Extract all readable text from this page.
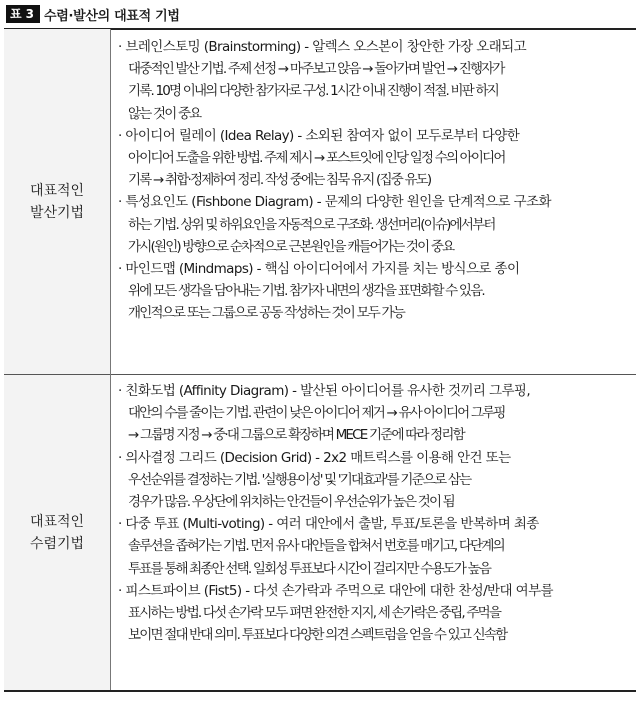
표 3 수렴·발산의 대표적 기법
대표적인
발산기법
· 브레인스토밍 (Brainstorming) - 알렉스 오스본이 창안한 가장 오래되고
대중적인 발산 기법. 주제 선정 → 마주보고 앉음 → 돌아가며 발언 → 진행자가
기록. 10명 이내의 다양한 참가자로 구성. 1시간 이내 진행이 적절. 비판 하지
않는 것이 중요
· 아이디어 릴레이 (Idea Relay) - 소외된 참여자 없이 모두로부터 다양한
아이디어 도출을 위한 방법. 주제 제시 → 포스트잇에 인당 일정 수의 아이디어
기록 → 취합·정제하여 정리. 작성 중에는 침묵 유지 (집중 유도)
· 특성요인도 (Fishbone Diagram) - 문제의 다양한 원인을 단계적으로 구조화
하는 기법. 상위 및 하위요인을 자동적으로 구조화. 생선머리(이슈)에서부터
가시(원인) 방향으로 순차적으로 근본원인을 캐들어가는 것이 중요
· 마인드맵 (Mindmaps) - 핵심 아이디어에서 가지를 치는 방식으로 종이
위에 모든 생각을 담아내는 기법. 참가자 내면의 생각을 표면화할 수 있음.
개인적으로 또는 그룹으로 공동 작성하는 것이 모두 가능
대표적인
수렴기법
· 친화도법 (Affinity Diagram) - 발산된 아이디어를 유사한 것끼리 그루핑,
대안의 수를 줄이는 기법. 관련이 낮은 아이디어 제거 → 유사 아이디어 그루핑
→ 그룹명 지정 → 중·대 그룹으로 확장하며 MECE 기준에 따라 정리함
· 의사결정 그리드 (Decision Grid) - 2x2 매트릭스를 이용해 안건 또는
우선순위를 결정하는 기법. '실행용이성' 및 '기대효과'를 기준으로 삼는
경우가 많음. 우상단에 위치하는 안건들이 우선순위가 높은 것이 됨
· 다중 투표 (Multi-voting) - 여러 대안에서 출발, 투표/토론을 반복하며 최종
솔루션을 좁혀가는 기법. 먼저 유사 대안들을 합쳐서 번호를 매기고, 다단계의
투표를 통해 최종안 선택. 일회성 투표보다 시간이 걸리지만 수용도가 높음
· 피스트파이브 (Fist5) - 다섯 손가락과 주먹으로 대안에 대한 찬성/반대 여부를
표시하는 방법. 다섯 손가락 모두 펴면 완전한 지지, 세 손가락은 중립, 주먹을
보이면 절대 반대 의미. 투표보다 다양한 의견 스펙트럼을 얻을 수 있고 신속함
